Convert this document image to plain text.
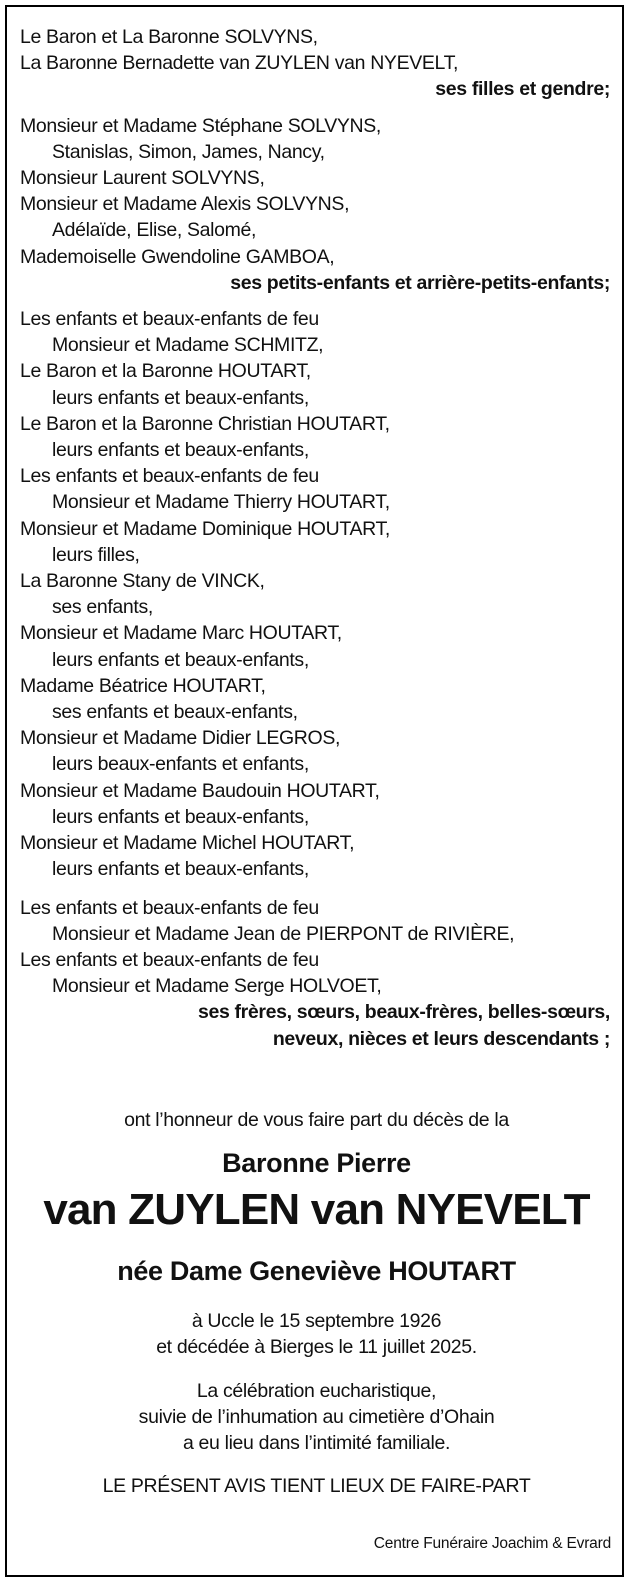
Le Baron et La Baronne SOLVYNS,
La Baronne Bernadette van ZUYLEN van NYEVELT,
ses filles et gendre;
Monsieur et Madame Stéphane SOLVYNS,
Stanislas, Simon, James, Nancy,
Monsieur Laurent SOLVYNS,
Monsieur et Madame Alexis SOLVYNS,
Adélaïde, Elise, Salomé,
Mademoiselle Gwendoline GAMBOA,
ses petits-enfants et arrière-petits-enfants;
Les enfants et beaux-enfants de feu
Monsieur et Madame SCHMITZ,
Le Baron et la Baronne HOUTART,
leurs enfants et beaux-enfants,
Le Baron et la Baronne Christian HOUTART,
leurs enfants et beaux-enfants,
Les enfants et beaux-enfants de feu
Monsieur et Madame Thierry HOUTART,
Monsieur et Madame Dominique HOUTART,
leurs filles,
La Baronne Stany de VINCK,
ses enfants,
Monsieur et Madame Marc HOUTART,
leurs enfants et beaux-enfants,
Madame Béatrice HOUTART,
ses enfants et beaux-enfants,
Monsieur et Madame Didier LEGROS,
leurs beaux-enfants et enfants,
Monsieur et Madame Baudouin HOUTART,
leurs enfants et beaux-enfants,
Monsieur et Madame Michel HOUTART,
leurs enfants et beaux-enfants,
Les enfants et beaux-enfants de feu
Monsieur et Madame Jean de PIERPONT de RIVIÈRE,
Les enfants et beaux-enfants de feu
Monsieur et Madame Serge HOLVOET,
ses frères, sœurs, beaux-frères, belles-sœurs,
neveux, nièces et leurs descendants ;
ont l’honneur de vous faire part du décès de la
Baronne Pierre
van ZUYLEN van NYEVELT
née Dame Geneviève HOUTART
à Uccle le 15 septembre 1926
et décédée à Bierges le 11 juillet 2025.
La célébration eucharistique,
suivie de l’inhumation au cimetière d’Ohain
a eu lieu dans l’intimité familiale.
LE PRÉSENT AVIS TIENT LIEUX DE FAIRE-PART
Centre Funéraire Joachim & Evrard
